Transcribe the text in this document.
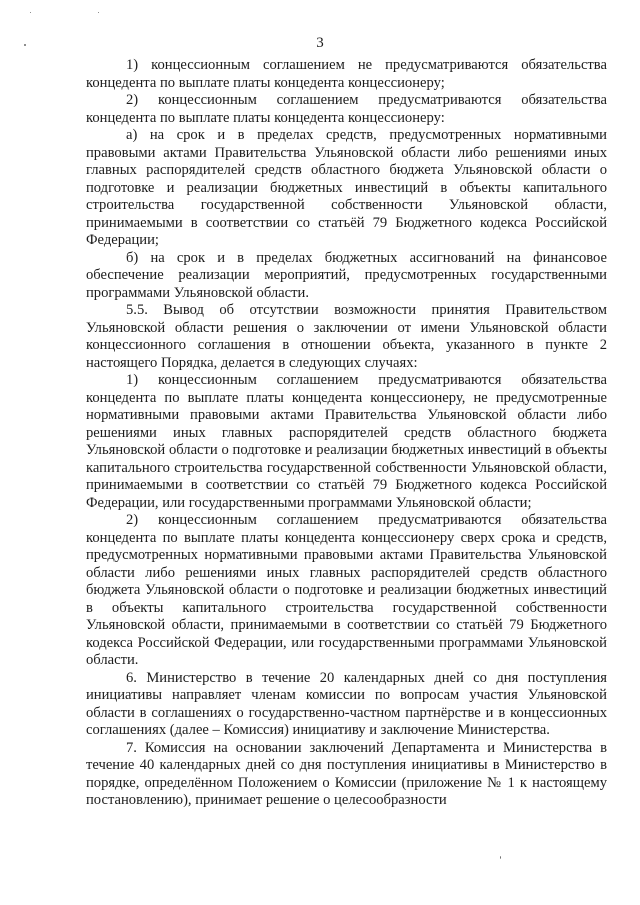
3

1) концессионным соглашением не предусматриваются обязательства концедента по выплате платы концедента концессионеру;

2) концессионным соглашением предусматриваются обязательства концедента по выплате платы концедента концессионеру:

а) на срок и в пределах средств, предусмотренных нормативными правовыми актами Правительства Ульяновской области либо решениями иных главных распорядителей средств областного бюджета Ульяновской области о подготовке и реализации бюджетных инвестиций в объекты капитального строительства государственной собственности Ульяновской области, принимаемыми в соответствии со статьёй 79 Бюджетного кодекса Российской Федерации;

б) на срок и в пределах бюджетных ассигнований на финансовое обеспечение реализации мероприятий, предусмотренных государственными программами Ульяновской области.

5.5. Вывод об отсутствии возможности принятия Правительством Ульяновской области решения о заключении от имени Ульяновской области концессионного соглашения в отношении объекта, указанного в пункте 2 настоящего Порядка, делается в следующих случаях:

1) концессионным соглашением предусматриваются обязательства концедента по выплате платы концедента концессионеру, не предусмотренные нормативными правовыми актами Правительства Ульяновской области либо решениями иных главных распорядителей средств областного бюджета Ульяновской области о подготовке и реализации бюджетных инвестиций в объекты капитального строительства государственной собственности Ульяновской области, принимаемыми в соответствии со статьёй 79 Бюджетного кодекса Российской Федерации, или государственными программами Ульяновской области;

2) концессионным соглашением предусматриваются обязательства концедента по выплате платы концедента концессионеру сверх срока и средств, предусмотренных нормативными правовыми актами Правительства Ульяновской области либо решениями иных главных распорядителей средств областного бюджета Ульяновской области о подготовке и реализации бюджетных инвестиций в объекты капитального строительства государственной собственности Ульяновской области, принимаемыми в соответствии со статьёй 79 Бюджетного кодекса Российской Федерации, или государственными программами Ульяновской области.

6. Министерство в течение 20 календарных дней со дня поступления инициативы направляет членам комиссии по вопросам участия Ульяновской области в соглашениях о государственно-частном партнёрстве и в концессионных соглашениях (далее – Комиссия) инициативу и заключение Министерства.

7. Комиссия на основании заключений Департамента и Министерства в течение 40 календарных дней со дня поступления инициативы в Министерство в порядке, определённом Положением о Комиссии (приложение № 1 к настоящему постановлению), принимает решение о целесообразности
